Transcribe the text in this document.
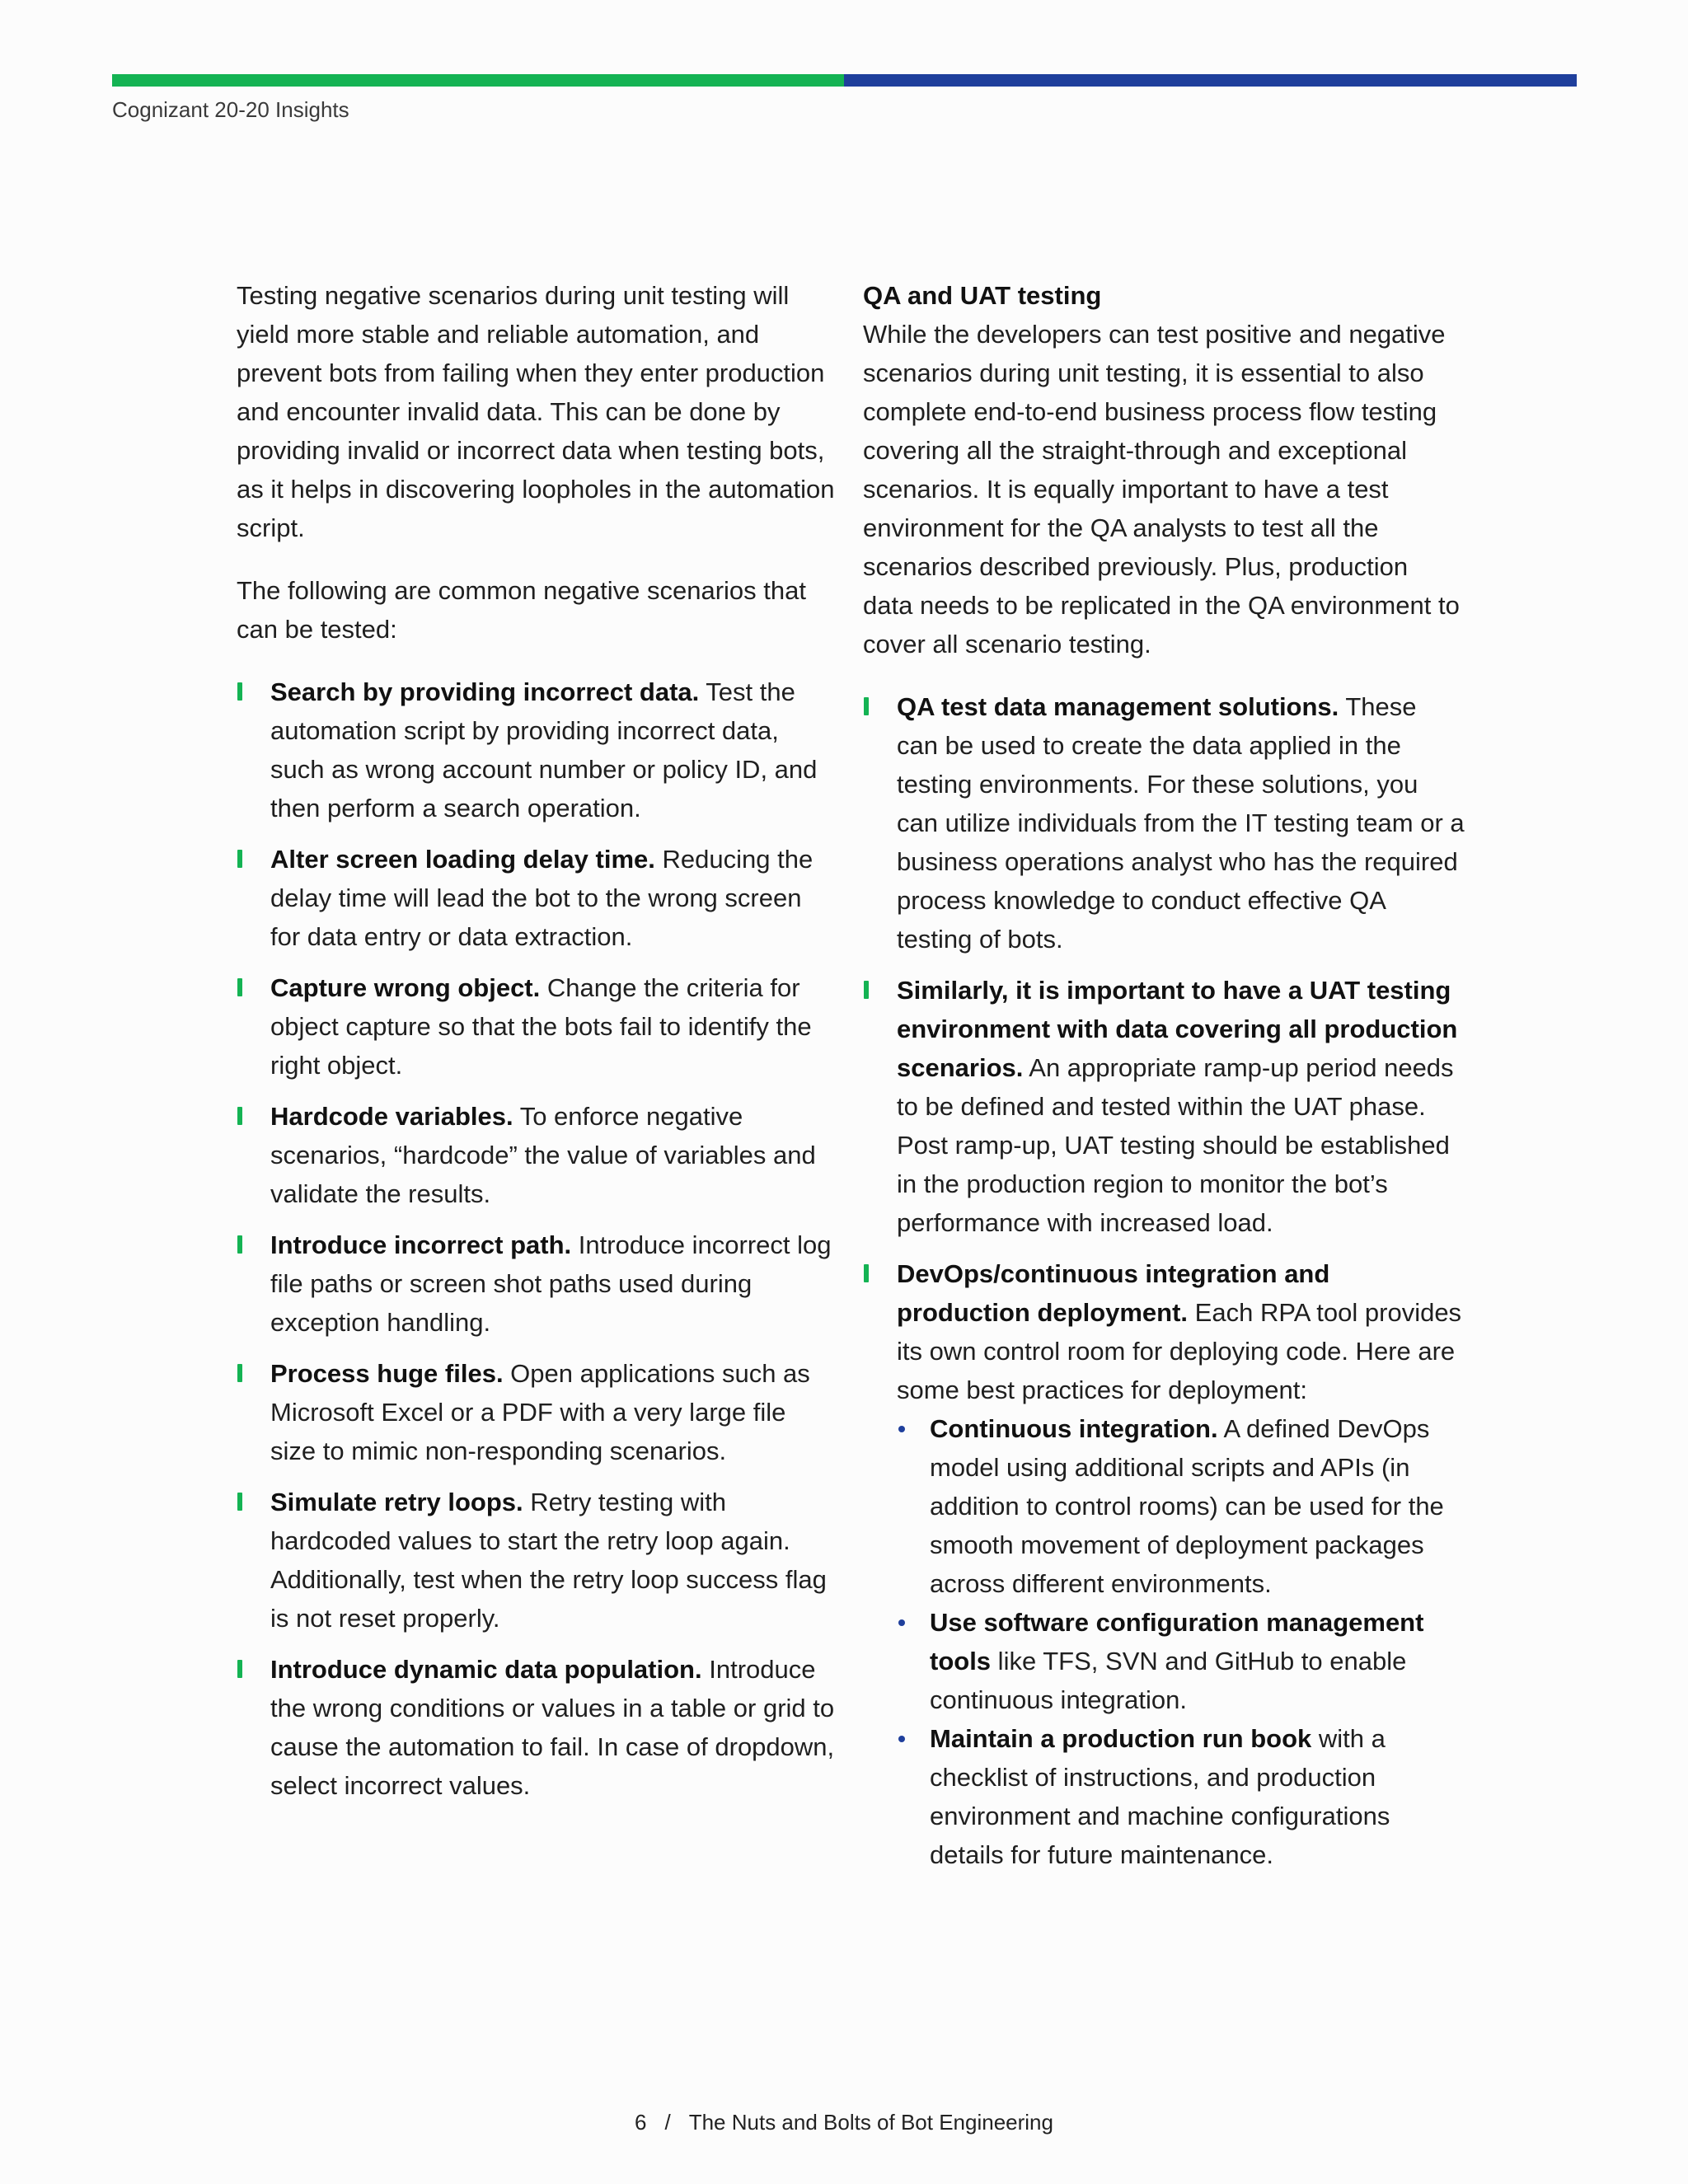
Cognizant 20-20 Insights

Testing negative scenarios during unit testing will yield more stable and reliable automation, and prevent bots from failing when they enter production and encounter invalid data. This can be done by providing invalid or incorrect data when testing bots, as it helps in discovering loopholes in the automation script.

The following are common negative scenarios that can be tested:

Search by providing incorrect data. Test the automation script by providing incorrect data, such as wrong account number or policy ID, and then perform a search operation.
Alter screen loading delay time. Reducing the delay time will lead the bot to the wrong screen for data entry or data extraction.
Capture wrong object. Change the criteria for object capture so that the bots fail to identify the right object.
Hardcode variables. To enforce negative scenarios, “hardcode” the value of variables and validate the results.
Introduce incorrect path. Introduce incorrect log file paths or screen shot paths used during exception handling.
Process huge files. Open applications such as Microsoft Excel or a PDF with a very large file size to mimic non-responding scenarios.
Simulate retry loops. Retry testing with hardcoded values to start the retry loop again. Additionally, test when the retry loop success flag is not reset properly.
Introduce dynamic data population. Introduce the wrong conditions or values in a table or grid to cause the automation to fail. In case of dropdown, select incorrect values.
QA and UAT testing

While the developers can test positive and negative scenarios during unit testing, it is essential to also complete end-to-end business process flow testing covering all the straight-through and exceptional scenarios. It is equally important to have a test environment for the QA analysts to test all the scenarios described previously. Plus, production data needs to be replicated in the QA environment to cover all scenario testing.

QA test data management solutions. These can be used to create the data applied in the testing environments. For these solutions, you can utilize individuals from the IT testing team or a business operations analyst who has the required process knowledge to conduct effective QA testing of bots.
Similarly, it is important to have a UAT testing environment with data covering all production scenarios. An appropriate ramp-up period needs to be defined and tested within the UAT phase. Post ramp-up, UAT testing should be established in the production region to monitor the bot’s performance with increased load.
DevOps/continuous integration and production deployment. Each RPA tool provides its own control room for deploying code. Here are some best practices for deployment:
Continuous integration. A defined DevOps model using additional scripts and APIs (in addition to control rooms) can be used for the smooth movement of deployment packages across different environments.
Use software configuration management tools like TFS, SVN and GitHub to enable continuous integration.
Maintain a production run book with a checklist of instructions, and production environment and machine configurations details for future maintenance.
6 / The Nuts and Bolts of Bot Engineering
